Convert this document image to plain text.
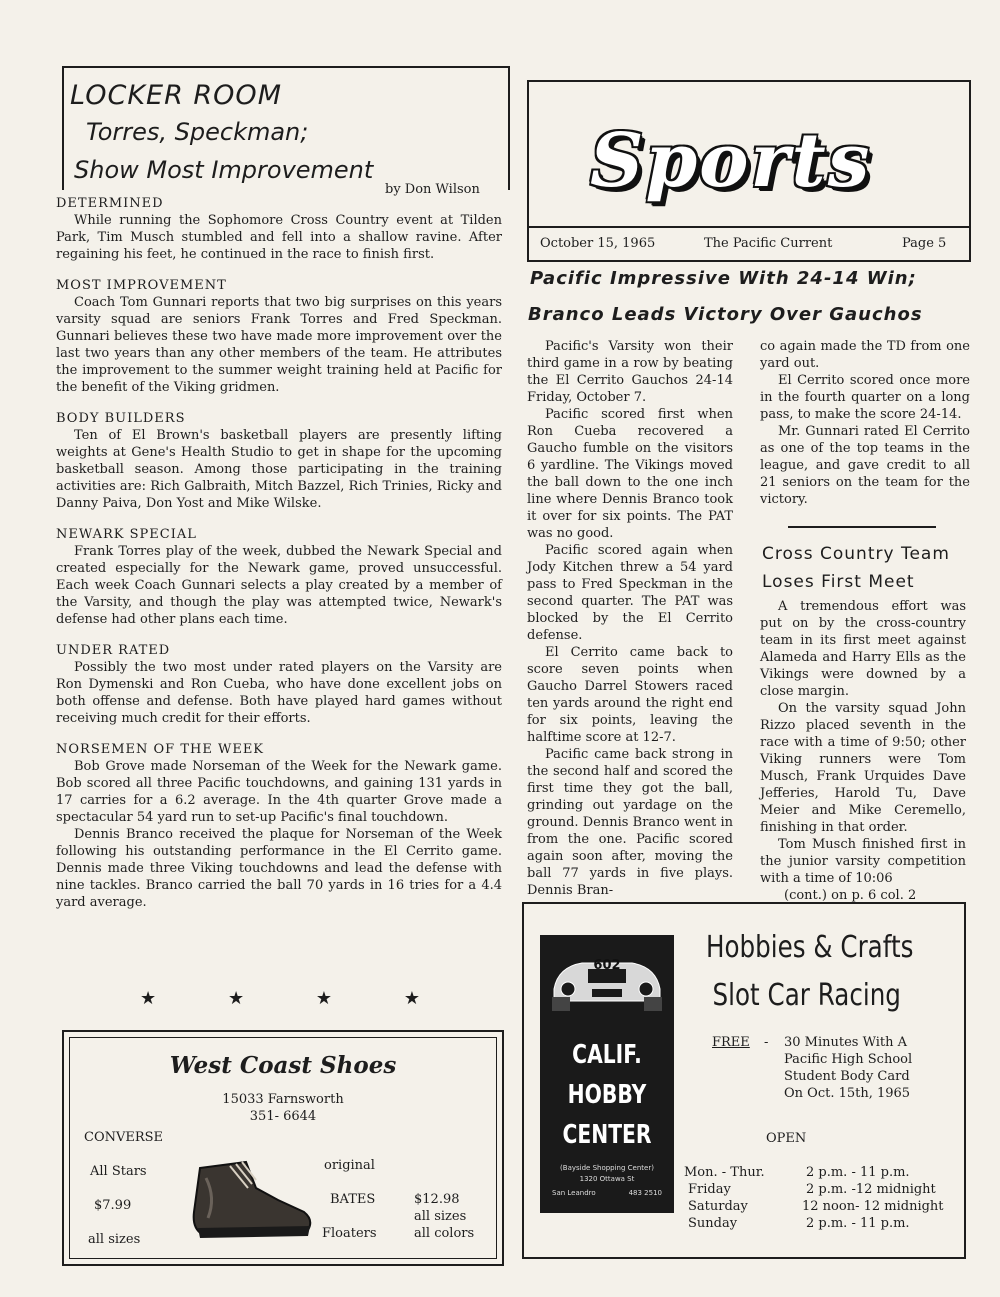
LOCKER ROOM
Torres, Speckman;
Show Most Improvement
by Don Wilson
DETERMINED
While running the Sophomore Cross Country event at Tilden Park, Tim Musch stumbled and fell into a shallow ravine. After regaining his feet, he continued in the race to finish first.
MOST IMPROVEMENT
Coach Tom Gunnari reports that two big surprises on this years varsity squad are seniors Frank Torres and Fred Speckman. Gunnari believes these two have made more improvement over the last two years than any other members of the team. He attributes the improvement to the summer weight training held at Pacific for the benefit of the Viking gridmen.
BODY BUILDERS
Ten of El Brown's basketball players are presently lifting weights at Gene's Health Studio to get in shape for the upcoming basketball season. Among those participating in the training activities are: Rich Galbraith, Mitch Bazzel, Rich Trinies, Ricky and Danny Paiva, Don Yost and Mike Wilske.
NEWARK SPECIAL
Frank Torres play of the week, dubbed the Newark Special and created especially for the Newark game, proved unsuccessful. Each week Coach Gunnari selects a play created by a member of the Varsity, and though the play was attempted twice, Newark's defense had other plans each time.
UNDER RATED
Possibly the two most under rated players on the Varsity are Ron Dymenski and Ron Cueba, who have done excellent jobs on both offense and defense. Both have played hard games without receiving much credit for their efforts.
NORSEMEN OF THE WEEK
Bob Grove made Norseman of the Week for the Newark game. Bob scored all three Pacific touchdowns, and gaining 131 yards in 17 carries for a 6.2 average. In the 4th quarter Grove made a spectacular 54 yard run to set-up Pacific's final touchdown.
Dennis Branco received the plaque for Norseman of the Week following his outstanding performance in the El Cerrito game. Dennis made three Viking touchdowns and lead the defense with nine tackles. Branco carried the ball 70 yards in 16 tries for a 4.4 yard average.
★	★	★	★
West Coast Shoes
15033 Farnsworth
351- 6644
CONVERSE
All Stars
$7.99
all sizes
original
BATES
Floaters
$12.98
all sizes
all colors
Sports
October 15, 1965	The Pacific Current	Page 5
Pacific Impressive With 24-14 Win;
Branco Leads Victory Over Gauchos
Pacific's Varsity won their third game in a row by beating the El Cerrito Gauchos 24-14 Friday, October 7.
Pacific scored first when Ron Cueba recovered a Gaucho fumble on the visitors 6 yardline. The Vikings moved the ball down to the one inch line where Dennis Branco took it over for six points. The PAT was no good.
Pacific scored again when Jody Kitchen threw a 54 yard pass to Fred Speckman in the second quarter. The PAT was blocked by the El Cerrito defense.
El Cerrito came back to score seven points when Gaucho Darrel Stowers raced ten yards around the right end for six points, leaving the halftime score at 12-7.
Pacific came back strong in the second half and scored the first time they got the ball, grinding out yardage on the ground. Dennis Branco went in from the one. Pacific scored again soon after, moving the ball 77 yards in five plays. Dennis Bran-
co again made the TD from one yard out.
El Cerrito scored once more in the fourth quarter on a long pass, to make the score 24-14.
Mr. Gunnari rated El Cerrito as one of the top teams in the league, and gave credit to all 21 seniors on the team for the victory.
Cross Country Team
Loses First Meet
A tremendous effort was put on by the cross-country team in its first meet against Alameda and Harry Ells as the Vikings were downed by a close margin.
On the varsity squad John Rizzo placed seventh in the race with a time of 9:50; other Viking runners were Tom Musch, Frank Urquides Dave Jefferies, Harold Tu, Dave Meier and Mike Ceremello, finishing in that order.
Tom Musch finished first in the junior varsity competition with a time of 10:06
(cont.) on p. 6 col. 2
602
CALIF.
HOBBY
CENTER
(Bayside Shopping Center)
1320 Ottawa St
San Leandro	483 2510
Hobbies & Crafts
Slot Car Racing
FREE - 30 Minutes With A
Pacific High School
Student Body Card
On Oct. 15th, 1965
OPEN
Mon. - Thur.	2 p.m. - 11 p.m.
Friday	2 p.m. -12 midnight
Saturday	12 noon- 12 midnight
Sunday	2 p.m. - 11 p.m.
